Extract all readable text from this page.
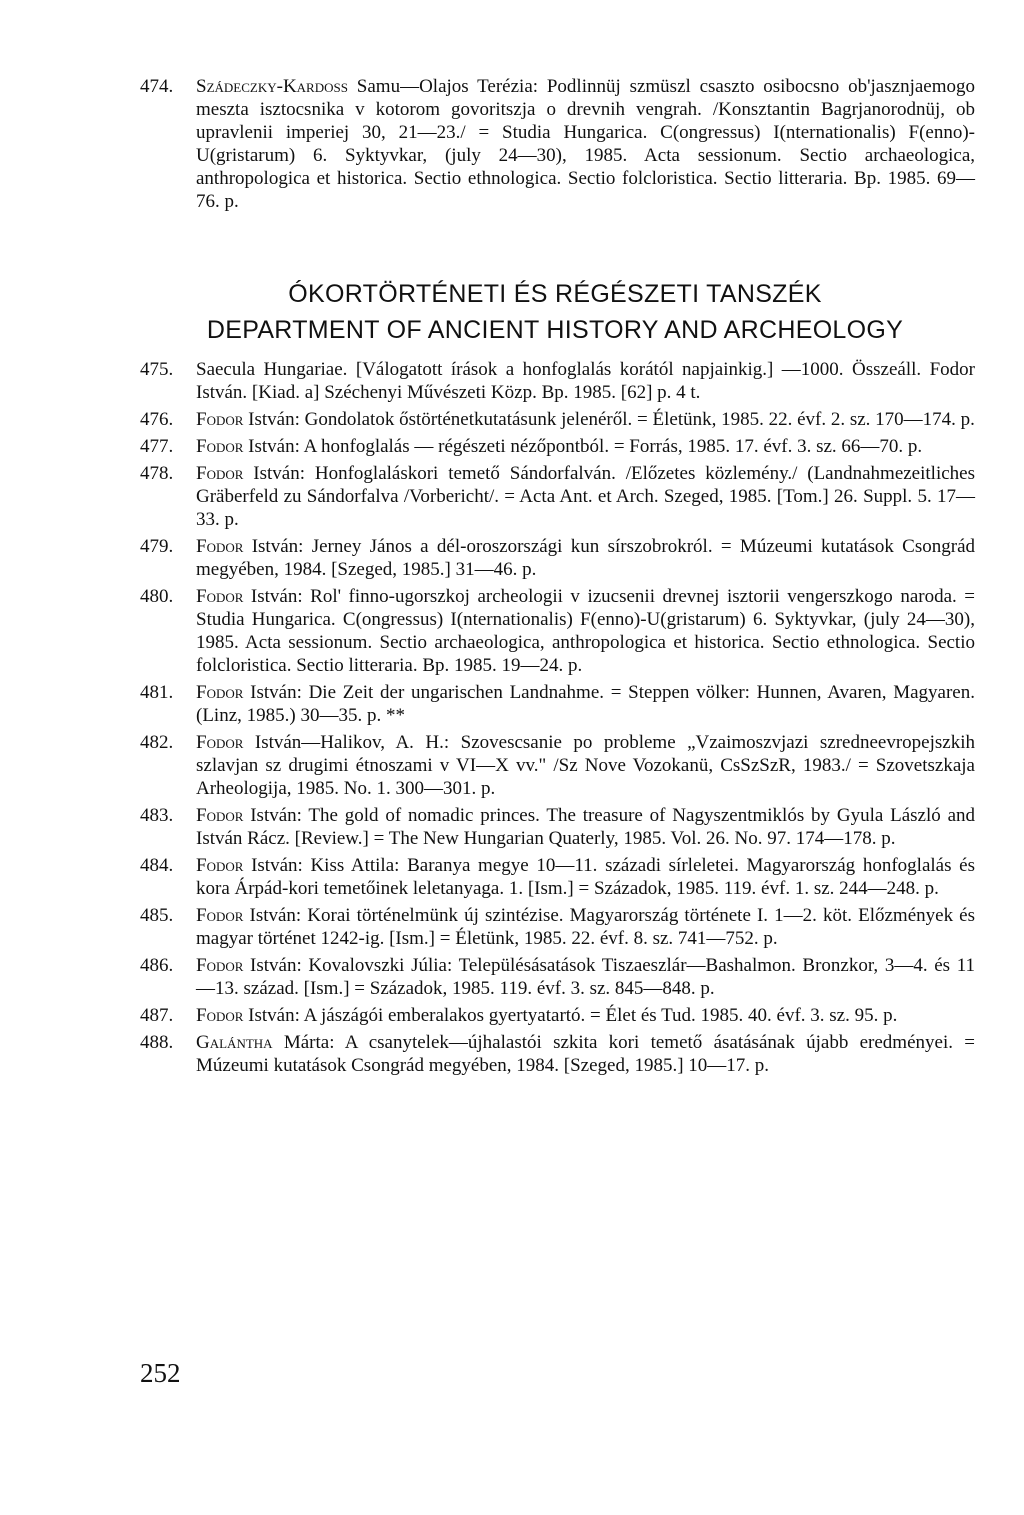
474. Szádeczky-Kardoss Samu—Olajos Terézia: Podlinnüj szmüszl csaszto osibocsno ob'jasznjaemogo meszta isztocsnika v kotorom govoritszja o drevnih vengrah. /Konsztantin Bagrjanorodnüj, ob upravlenii imperiej 30, 21—23./ = Studia Hungarica. C(ongressus) I(nternationalis) F(enno)-U(gristarum) 6. Syktyvkar, (july 24—30), 1985. Acta sessionum. Sectio archaeologica, anthropologica et historica. Sectio ethnologica. Sectio folcloristica. Sectio litteraria. Bp. 1985. 69—76. p.
ÓKORTÖRTÉNETI ÉS RÉGÉSZETI TANSZÉK
DEPARTMENT OF ANCIENT HISTORY AND ARCHEOLOGY
475. Saecula Hungariae. [Válogatott írások a honfoglalás korától napjainkig.] —1000. Összeáll. Fodor István. [Kiad. a] Széchenyi Művészeti Közp. Bp. 1985. [62] p. 4 t.
476. Fodor István: Gondolatok őstörténetkutatásunk jelenéről. = Életünk, 1985. 22. évf. 2. sz. 170—174. p.
477. Fodor István: A honfoglalás — régészeti nézőpontból. = Forrás, 1985. 17. évf. 3. sz. 66—70. p.
478. Fodor István: Honfoglaláskori temető Sándorfalván. /Előzetes közlemény./ (Landnahmezeitliches Gräberfeld zu Sándorfalva /Vorbericht/. = Acta Ant. et Arch. Szeged, 1985. [Tom.] 26. Suppl. 5. 17—33. p.
479. Fodor István: Jerney János a dél-oroszországi kun sírszobrokról. = Múzeumi kutatások Csongrád megyében, 1984. [Szeged, 1985.] 31—46. p.
480. Fodor István: Rol' finno-ugorszkoj archeologii v izucsenii drevnej isztorii vengerszkogo naroda. = Studia Hungarica. C(ongressus) I(nternationalis) F(enno)-U(gristarum) 6. Syktyvkar, (july 24—30), 1985. Acta sessionum. Sectio archaeologica, anthropologica et historica. Sectio ethnologica. Sectio folcloristica. Sectio litteraria. Bp. 1985. 19—24. p.
481. Fodor István: Die Zeit der ungarischen Landnahme. = Steppen völker: Hunnen, Avaren, Magyaren. (Linz, 1985.) 30—35. p. **
482. Fodor István—Halikov, A. H.: Szovescsanie po probleme „Vzaimoszvjazi szredneevropejszkih szlavjan sz drugimi étnoszami v VI—X vv." /Sz Nove Vozokanü, CsSzSzR, 1983./ = Szovetszkaja Arheologija, 1985. No. 1. 300—301. p.
483. Fodor István: The gold of nomadic princes. The treasure of Nagyszentmiklós by Gyula László and István Rácz. [Review.] = The New Hungarian Quaterly, 1985. Vol. 26. No. 97. 174—178. p.
484. Fodor István: Kiss Attila: Baranya megye 10—11. századi sírleletei. Magyarország honfoglalás és kora Árpád-kori temetőinek leletanyaga. 1. [Ism.] = Századok, 1985. 119. évf. 1. sz. 244—248. p.
485. Fodor István: Korai történelmünk új szintézise. Magyarország története I. 1—2. köt. Előzmények és magyar történet 1242-ig. [Ism.] = Életünk, 1985. 22. évf. 8. sz. 741—752. p.
486. Fodor István: Kovalovszki Júlia: Településásatások Tiszaeszlár—Bashalmon. Bronzkor, 3—4. és 11—13. század. [Ism.] = Századok, 1985. 119. évf. 3. sz. 845—848. p.
487. Fodor István: A jászágói emberalakos gyertyatartó. = Élet és Tud. 1985. 40. évf. 3. sz. 95. p.
488. Galántha Márta: A csanytelek—újhalastói szkita kori temető ásatásának újabb eredményei. = Múzeumi kutatások Csongrád megyében, 1984. [Szeged, 1985.] 10—17. p.
252
